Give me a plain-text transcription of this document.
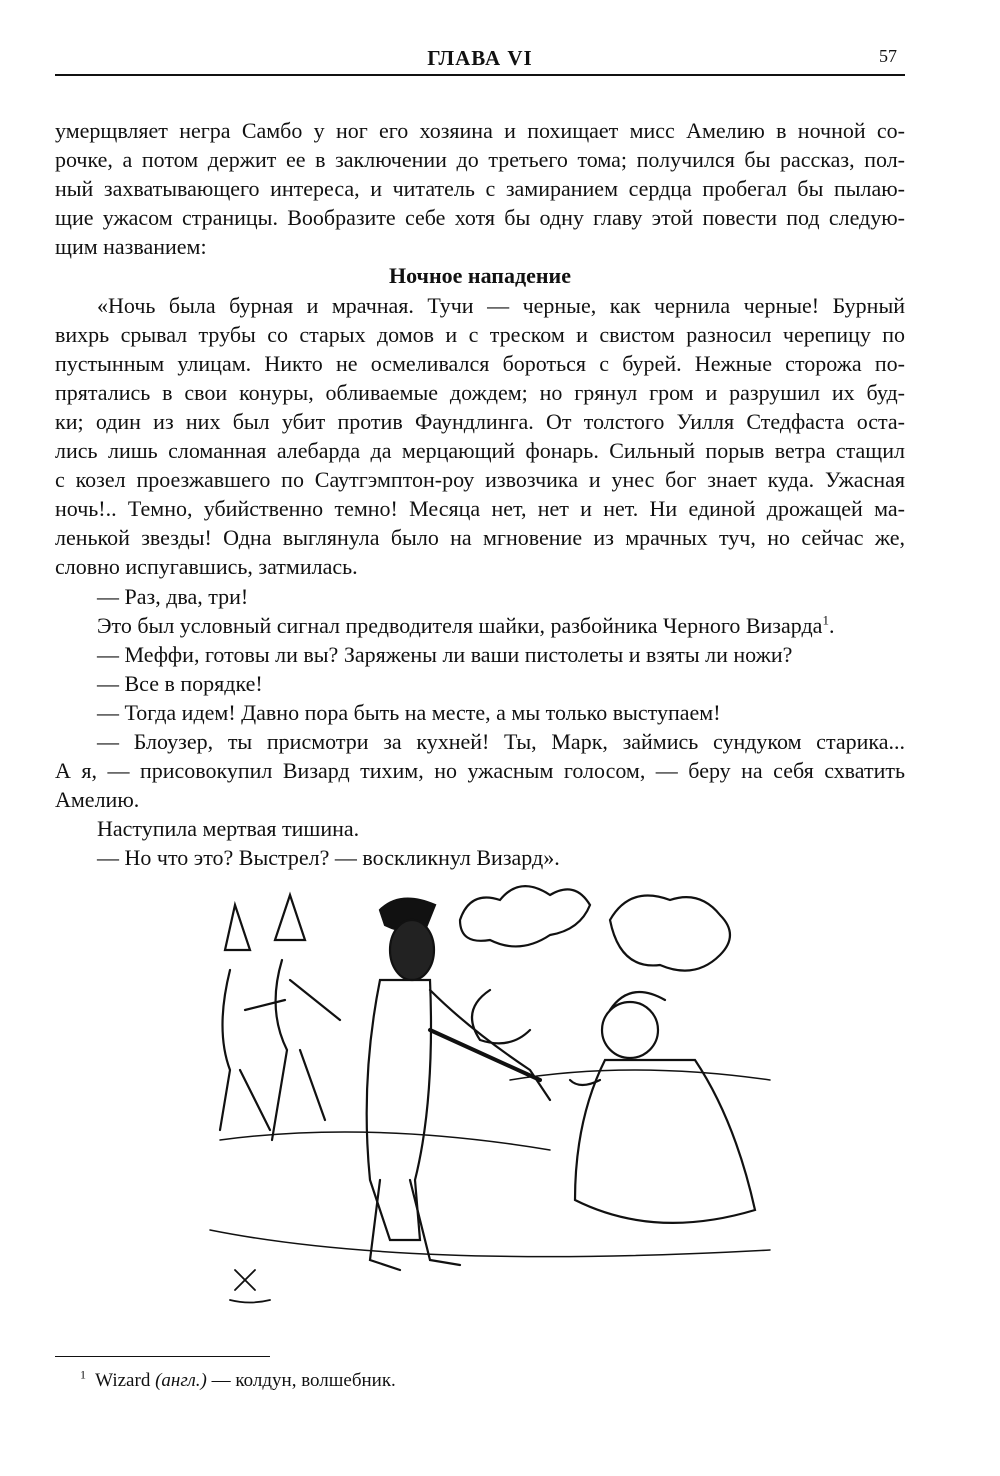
ГЛАВА VI	57
умерщвляет негра Самбо у ног его хозяина и похищает мисс Амелию в ночной со-
рочке, а потом держит ее в заключении до третьего тома; получился бы рассказ, пол-
ный захватывающего интереса, и читатель с замиранием сердца пробегал бы пылаю-
щие ужасом страницы. Вообразите себе хотя бы одну главу этой повести под следую-
щим названием:
Ночное нападение
«Ночь была бурная и мрачная. Тучи — черные, как чернила черные! Бурный
вихрь срывал трубы со старых домов и с треском и свистом разносил черепицу по
пустынным улицам. Никто не осмеливался бороться с бурей. Нежные сторожа по-
прятались в свои конуры, обливаемые дождем; но грянул гром и разрушил их буд-
ки; один из них был убит против Фаундлинга. От толстого Уилля Стедфаста оста-
лись лишь сломанная алебарда да мерцающий фонарь. Сильный порыв ветра стащил
с козел проезжавшего по Саутгэмптон-роу извозчика и унес бог знает куда. Ужасная
ночь!.. Темно, убийственно темно! Месяца нет, нет и нет. Ни единой дрожащей ма-
ленькой звезды! Одна выглянула было на мгновение из мрачных туч, но сейчас же,
словно испугавшись, затмилась.
— Раз, два, три!
Это был условный сигнал предводителя шайки, разбойника Черного Визарда$^1$.
— Меффи, готовы ли вы? Заряжены ли ваши пистолеты и взяты ли ножи?
— Все в порядке!
— Тогда идем! Давно пора быть на месте, а мы только выступаем!
— Блоузер, ты присмотри за кухней! Ты, Марк, займись сундуком старика...
А я, — присовокупил Визард тихим, но ужасным голосом, — беру на себя схватить
Амелию.
Наступила мертвая тишина.
— Но что это? Выстрел? — воскликнул Визард».
$^1$ Wizard (англ.) — колдун, волшебник.
